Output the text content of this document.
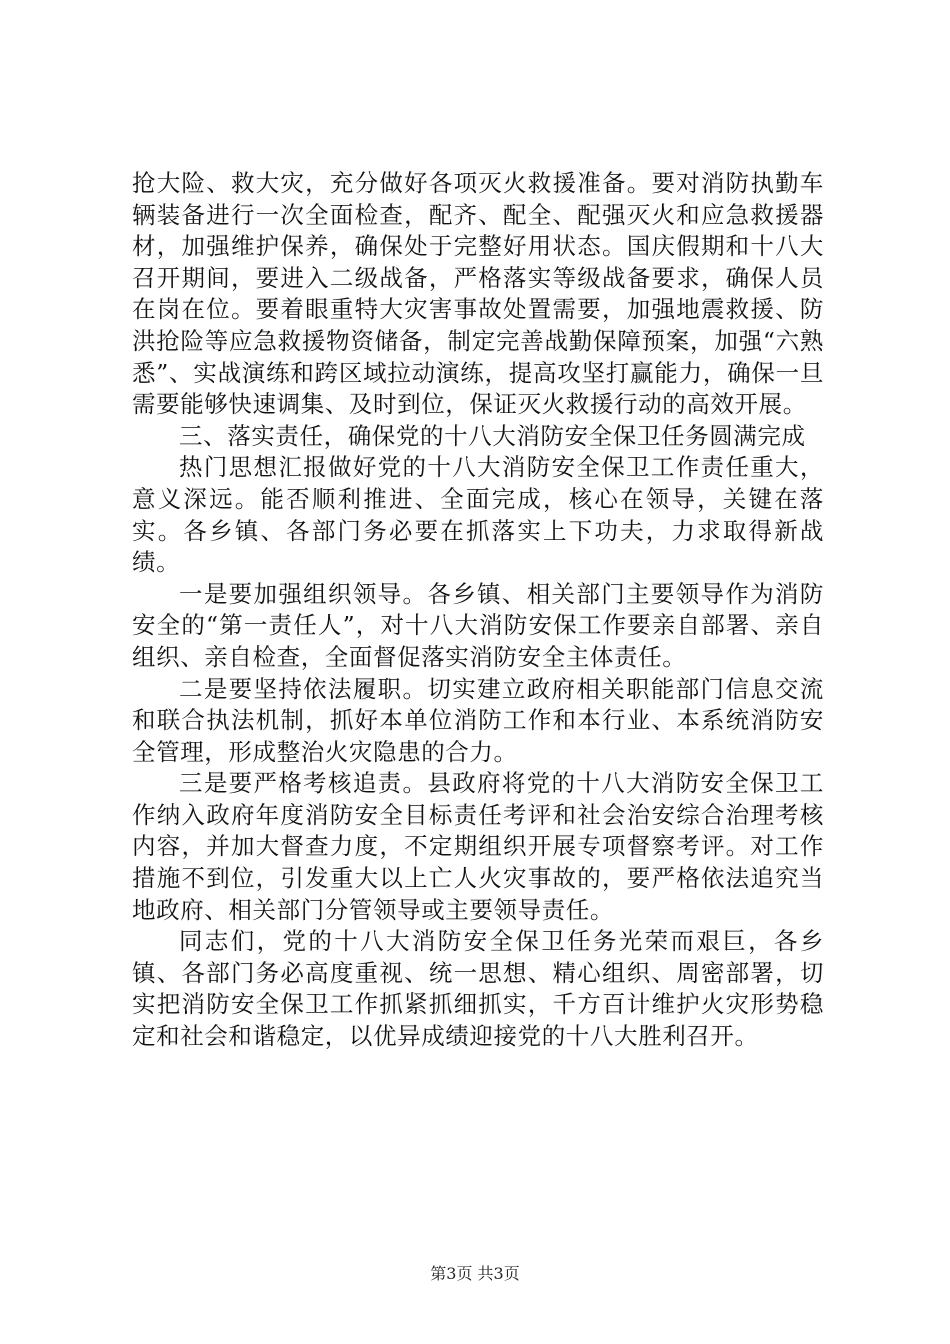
抢大险、救大灾，充分做好各项灭火救援准备。要对消防执勤车辆装备进行一次全面检查，配齐、配全、配强灭火和应急救援器材，加强维护保养，确保处于完整好用状态。国庆假期和十八大召开期间，要进入二级战备，严格落实等级战备要求，确保人员在岗在位。要着眼重特大灾害事故处置需要，加强地震救援、防洪抢险等应急救援物资储备，制定完善战勤保障预案，加强“六熟悉”、实战演练和跨区域拉动演练，提高攻坚打赢能力，确保一旦需要能够快速调集、及时到位，保证灭火救援行动的高效开展。

三、落实责任，确保党的十八大消防安全保卫任务圆满完成

热门思想汇报做好党的十八大消防安全保卫工作责任重大，意义深远。能否顺利推进、全面完成，核心在领导，关键在落实。各乡镇、各部门务必要在抓落实上下功夫，力求取得新战绩。

一是要加强组织领导。各乡镇、相关部门主要领导作为消防安全的“第一责任人”，对十八大消防安保工作要亲自部署、亲自组织、亲自检查，全面督促落实消防安全主体责任。

二是要坚持依法履职。切实建立政府相关职能部门信息交流和联合执法机制，抓好本单位消防工作和本行业、本系统消防安全管理，形成整治火灾隐患的合力。

三是要严格考核追责。县政府将党的十八大消防安全保卫工作纳入政府年度消防安全目标责任考评和社会治安综合治理考核内容，并加大督查力度，不定期组织开展专项督察考评。对工作措施不到位，引发重大以上亡人火灾事故的，要严格依法追究当地政府、相关部门分管领导或主要领导责任。

同志们，党的十八大消防安全保卫任务光荣而艰巨，各乡镇、各部门务必高度重视、统一思想、精心组织、周密部署，切实把消防安全保卫工作抓紧抓细抓实，千方百计维护火灾形势稳定和社会和谐稳定，以优异成绩迎接党的十八大胜利召开。

第3页 共3页
